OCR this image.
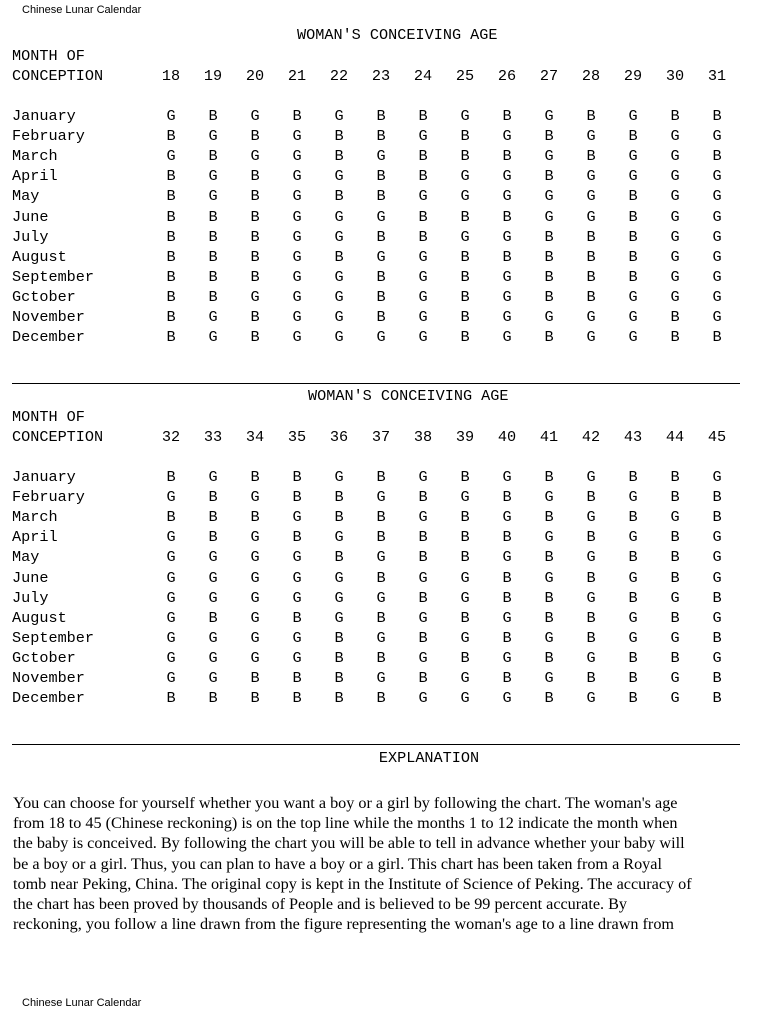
Chinese Lunar Calendar
WOMAN'S CONCEIVING AGE
MONTH OF
CONCEPTION	18	19	20	21	22	23	24	25	26	27	28	29	30	31
January	G	B	G	B	G	B	B	G	B	G	B	G	B	B
February	B	G	B	G	B	B	G	B	G	B	G	B	G	G
March	G	B	G	G	B	G	B	B	B	G	B	G	G	B
April	B	G	B	G	G	B	B	G	G	B	G	G	G	G
May	B	G	B	G	B	B	G	G	G	G	G	B	G	G
June	B	B	B	G	G	G	B	B	B	G	G	B	G	G
July	B	B	B	G	G	B	B	G	G	B	B	B	G	G
August	B	B	B	G	B	G	G	B	B	B	B	B	G	G
September	B	B	B	G	G	B	G	B	G	B	B	B	G	G
Gctober	B	B	G	G	G	B	G	B	G	B	B	G	G	G
November	B	G	B	G	G	B	G	B	G	G	G	G	B	G
December	B	G	B	G	G	G	G	B	G	B	G	G	B	B
WOMAN'S CONCEIVING AGE
MONTH OF
CONCEPTION	32	33	34	35	36	37	38	39	40	41	42	43	44	45
January	B	G	B	B	G	B	G	B	G	B	G	B	B	G
February	G	B	G	B	B	G	B	G	B	G	B	G	B	B
March	B	B	B	G	B	B	G	B	G	B	G	B	G	B
April	G	B	G	B	G	B	B	B	B	G	B	G	B	G
May	G	G	G	G	B	G	B	B	G	B	G	B	B	G
June	G	G	G	G	G	B	G	G	B	G	B	G	B	G
July	G	G	G	G	G	G	B	G	B	B	G	B	G	B
August	G	B	G	B	G	B	G	B	G	B	B	G	B	G
September	G	G	G	G	B	G	B	G	B	G	B	G	G	B
Gctober	G	G	G	G	B	B	G	B	G	B	G	B	B	G
November	G	G	B	B	B	G	B	G	B	G	B	B	G	B
December	B	B	B	B	B	B	G	G	G	B	G	B	G	B
EXPLANATION
You can choose for yourself whether you want a boy or a girl by following the chart. The woman's age
from 18 to 45 (Chinese reckoning) is on the top line while the months 1 to 12 indicate the month when
the baby is conceived. By following the chart you will be able to tell in advance whether your baby will
be a boy or a girl. Thus, you can plan to have a boy or a girl. This chart has been taken from a Royal
tomb near Peking, China. The original copy is kept in the Institute of Science of Peking. The accuracy of
the chart has been proved by thousands of People and is believed to be 99 percent accurate. By
reckoning, you follow a line drawn from the figure representing the woman's age to a line drawn from
Chinese Lunar Calendar
